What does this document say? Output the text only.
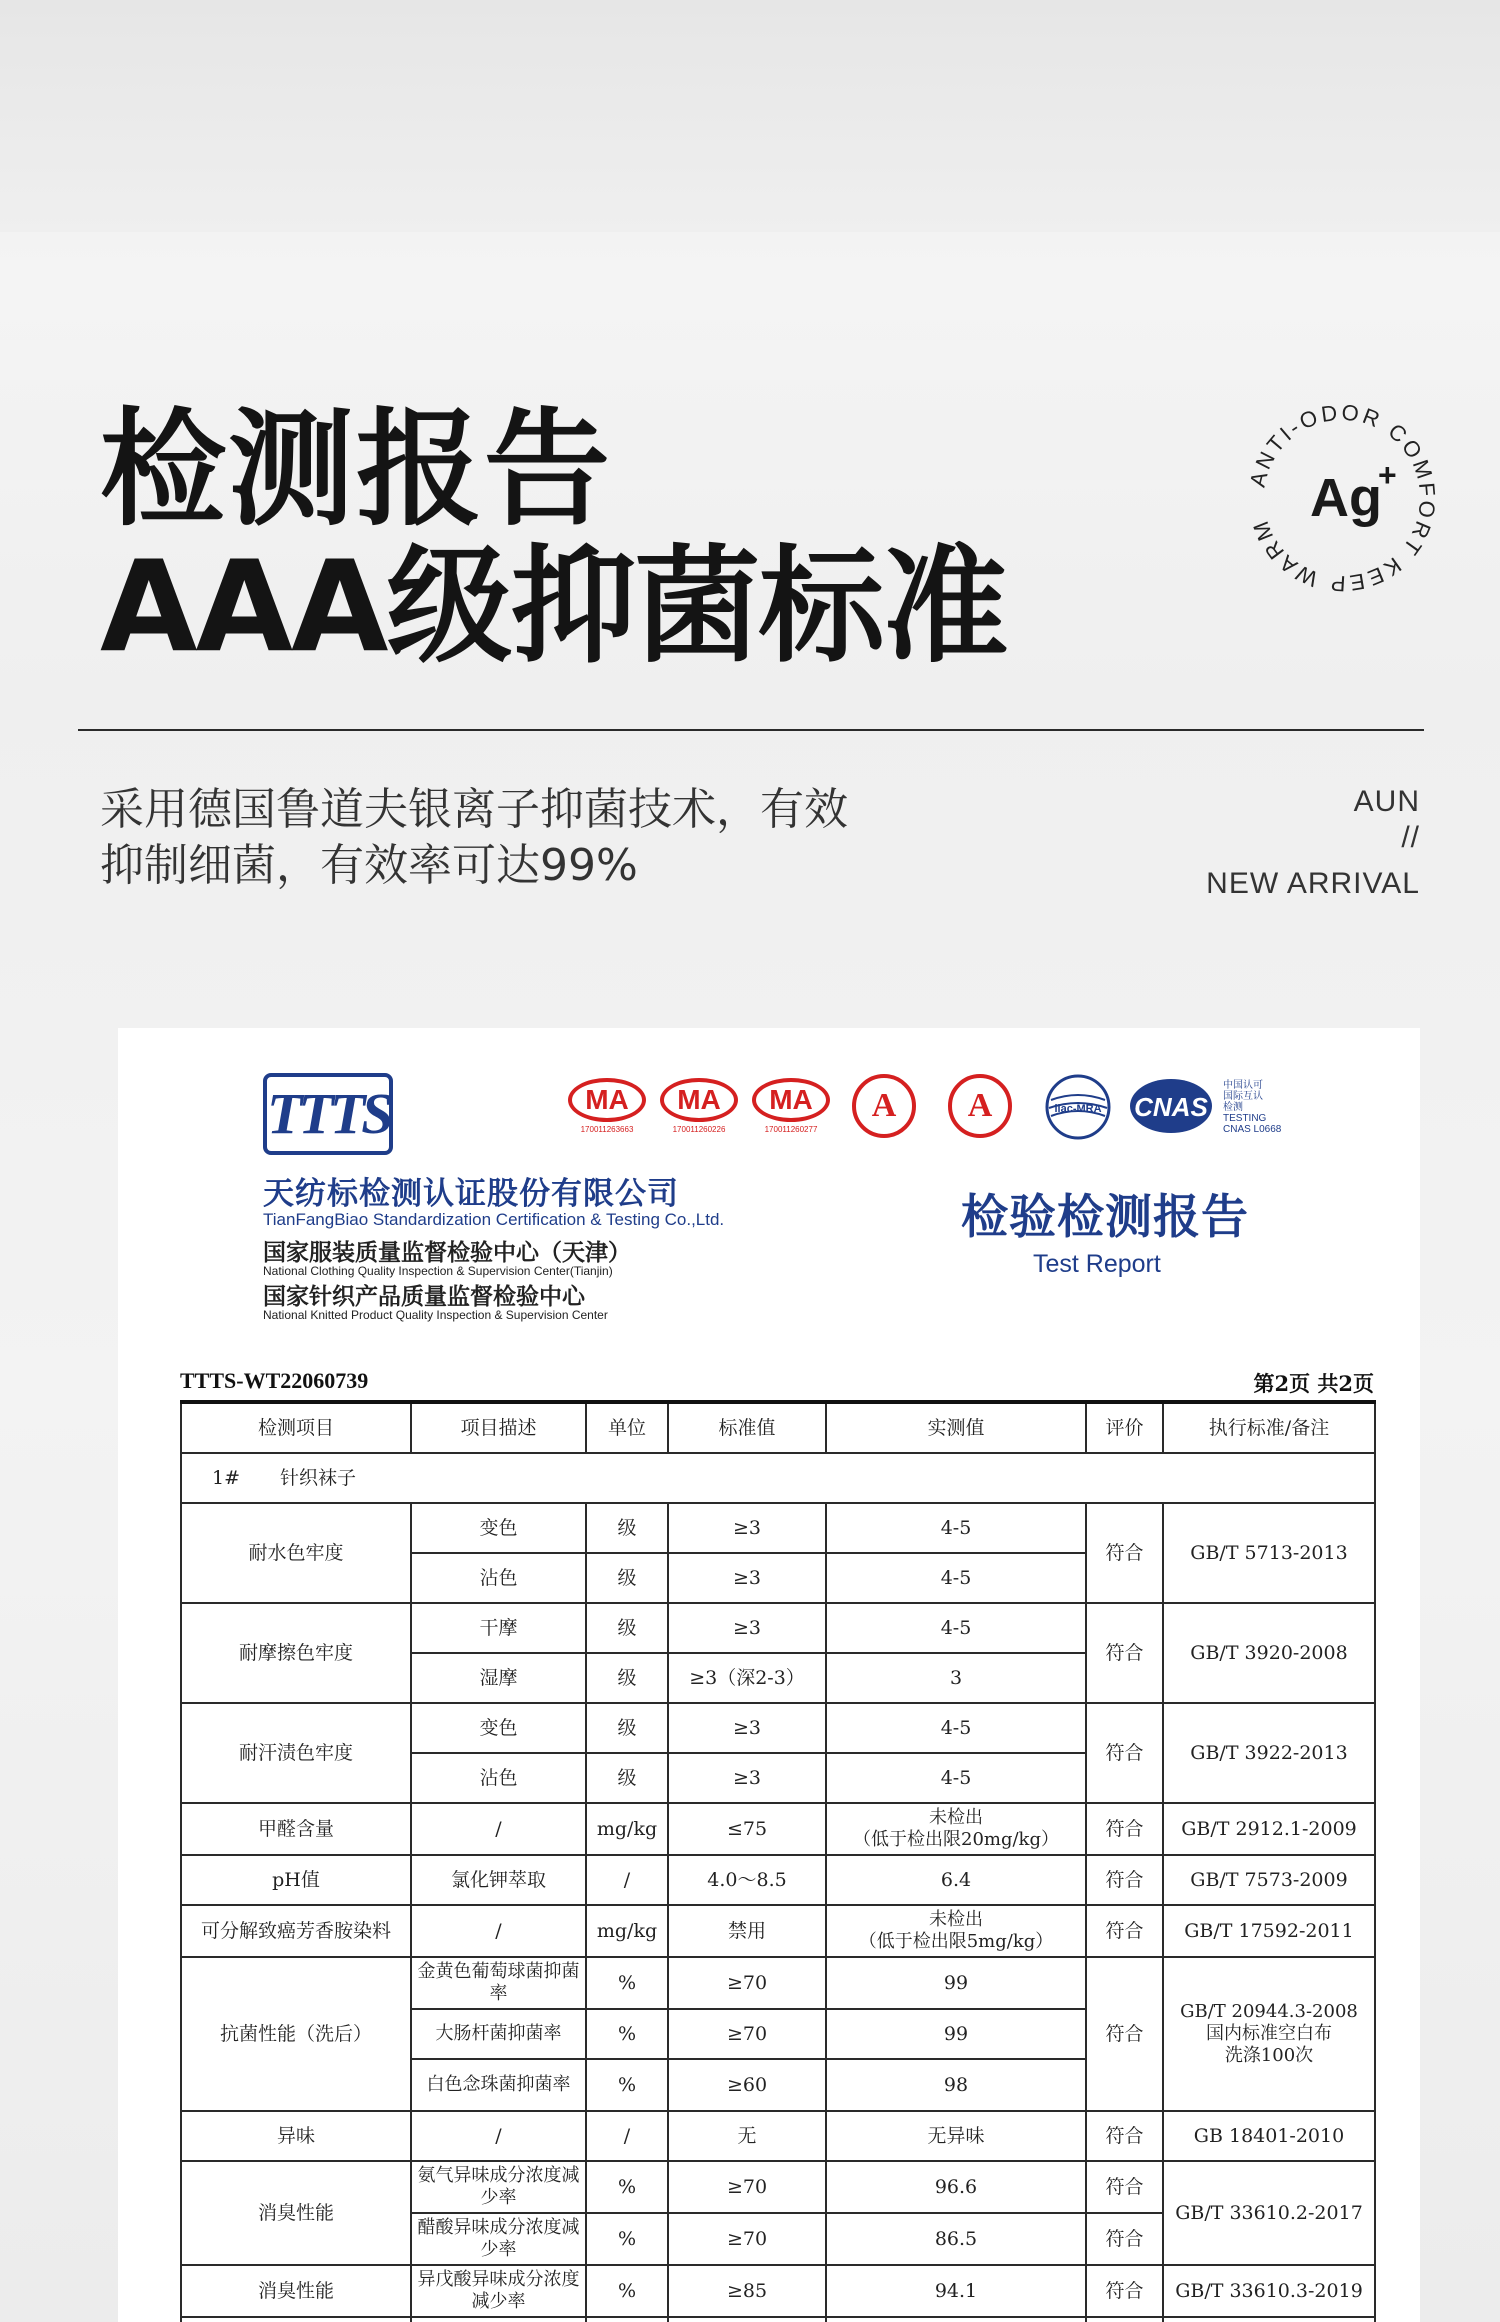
检测报告
AAA级抑菌标准
ANTI-ODOR COMFORT KEEP WARM
Ag
+
采用德国鲁道夫银离子抑菌技术，有效
抑制细菌，有效率可达99%
AUN
//
NEW ARRIVAL
TTTS
天纺标检测认证股份有限公司
TianFangBiao Standardization Certification & Testing Co.,Ltd.
国家服装质量监督检验中心（天津）
National Clothing Quality Inspection & Supervision Center(Tianjin)
国家针织产品质量监督检验中心
National Knitted Product Quality Inspection & Supervision Center
MA
170011263663
MA
170011260226
MA
170011260277
A	A	ilac-MRA CNAS
中国认可
国际互认
检测
TESTING
CNAS L0668
检验检测报告
Test Report
TTTS-WT22060739	第2页 共2页
检测项目	项目描述	单位	标准值	实测值	评价	执行标准/备注
1# 针织袜子						
耐水色牢度	变色	级	≥3	4-5	符合	GB/T 5713-2013
	沾色	级	≥3	4-5		
耐摩擦色牢度	干摩	级	≥3	4-5	符合	GB/T 3920-2008
	湿摩	级	≥3（深2-3）	3		
耐汗渍色牢度	变色	级	≥3	4-5	符合	GB/T 3922-2013
	沾色	级	≥3	4-5		
甲醛含量	/	mg/kg	≤75	未检出
（低于检出限20mg/kg）	符合	GB/T 2912.1-2009
pH值	氯化钾萃取	/	4.0～8.5	6.4	符合	GB/T 7573-2009
可分解致癌芳香胺染料	/	mg/kg	禁用	未检出
（低于检出限5mg/kg）	符合	GB/T 17592-2011
抗菌性能（洗后）	金黄色葡萄球菌抑菌率	%	≥70	99	符合	GB/T 20944.3-2008
国内标准空白布
洗涤100次

	大肠杆菌抑菌率	%	≥70	99		
	白色念珠菌抑菌率	%	≥60	98		
异味	/	/	无	无异味	符合	GB 18401-2010
消臭性能	氨气异味成分浓度减少率	%	≥70	96.6	符合	GB/T 33610.2-2017
	醋酸异味成分浓度减少率	%	≥70	86.5	符合	
消臭性能	异戊酸异味成分浓度减少率	%	≥85	94.1	符合	GB/T 33610.3-2019
